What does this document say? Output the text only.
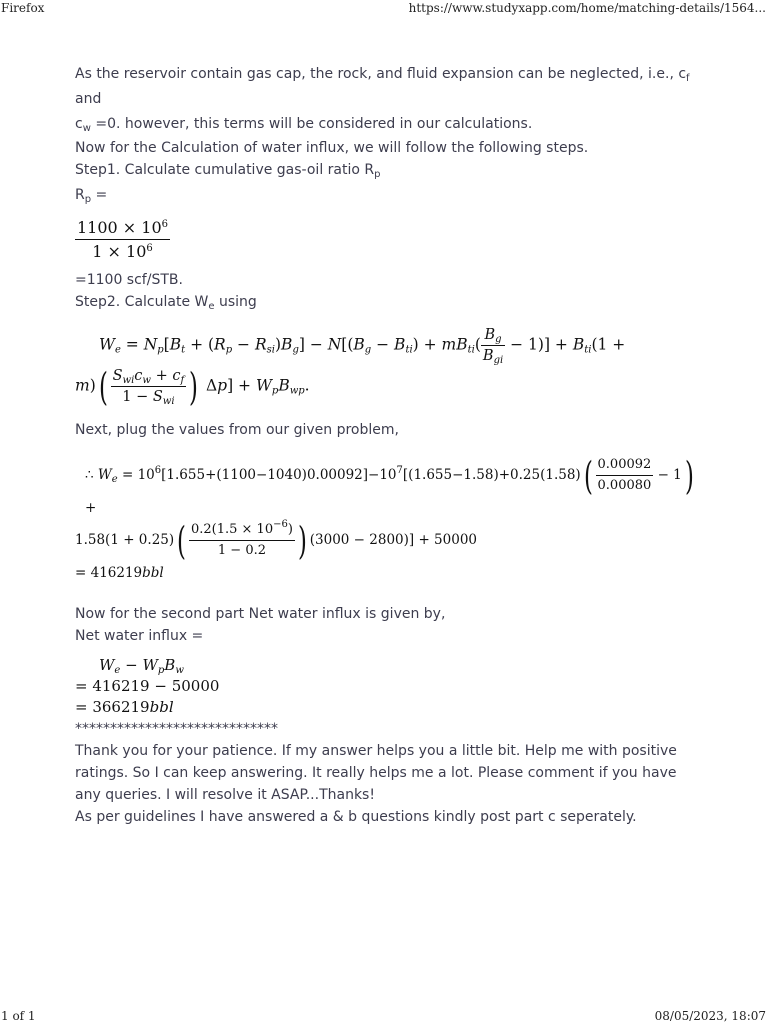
Firefox	https://www.studyxapp.com/home/matching-details/1564...

As the reservoir contain gas cap, the rock, and fluid expansion can be neglected, i.e., $c_f$ and
$c_w =0$. however, this terms will be considered in our calculations.

Now for the Calculation of water influx, we will follow the following steps.

Step1. Calculate cumulative gas-oil ratio $R_p$

$R_p$ =

$\frac{1100 \times 10^6}{1 \times 10^6}$

=1100 scf/STB.

Step2. Calculate $W_e$ using

$W_e = N_p[B_t + (R_p - R_{si})B_g] - N[(B_g - B_{ti}) + mB_{ti}( \frac{B_g}{B_{gi}} - 1)] + B_{ti}(1$ +
$m)( \frac{S_{wi}c_w + c_f}{1 - S_{wi}}$ ) $\Delta p] + W_pB_{wp}$.

Next, plug the values from our given problem,

∴ $W_e = 10^6[1.655+(1100-1040)0.00092]-10^7[(1.655-1.58)+0.25(1.58)( \frac{0.00092}{0.00080} - 1)+$
$1.58(1 + 0.25)( \frac{0.2(1.5 \times 10^{-6})}{1 - 0.2}$ ) (3000 − 2800)] + 50000
= 416219bbl

Now for the second part Net water influx is given by,

Net water influx =

$W_e - W_pB_w$
= 416219 − 50000
= 366219bbl

*****************************

Thank you for your patience. If my answer helps you a little bit. Help me with positive ratings. So I can keep answering. It really helps me a lot. Please comment if you have any queries. I will resolve it ASAP...Thanks!

As per guidelines I have answered a & b questions kindly post part c seperately.

1 of 1	08/05/2023, 18:07
